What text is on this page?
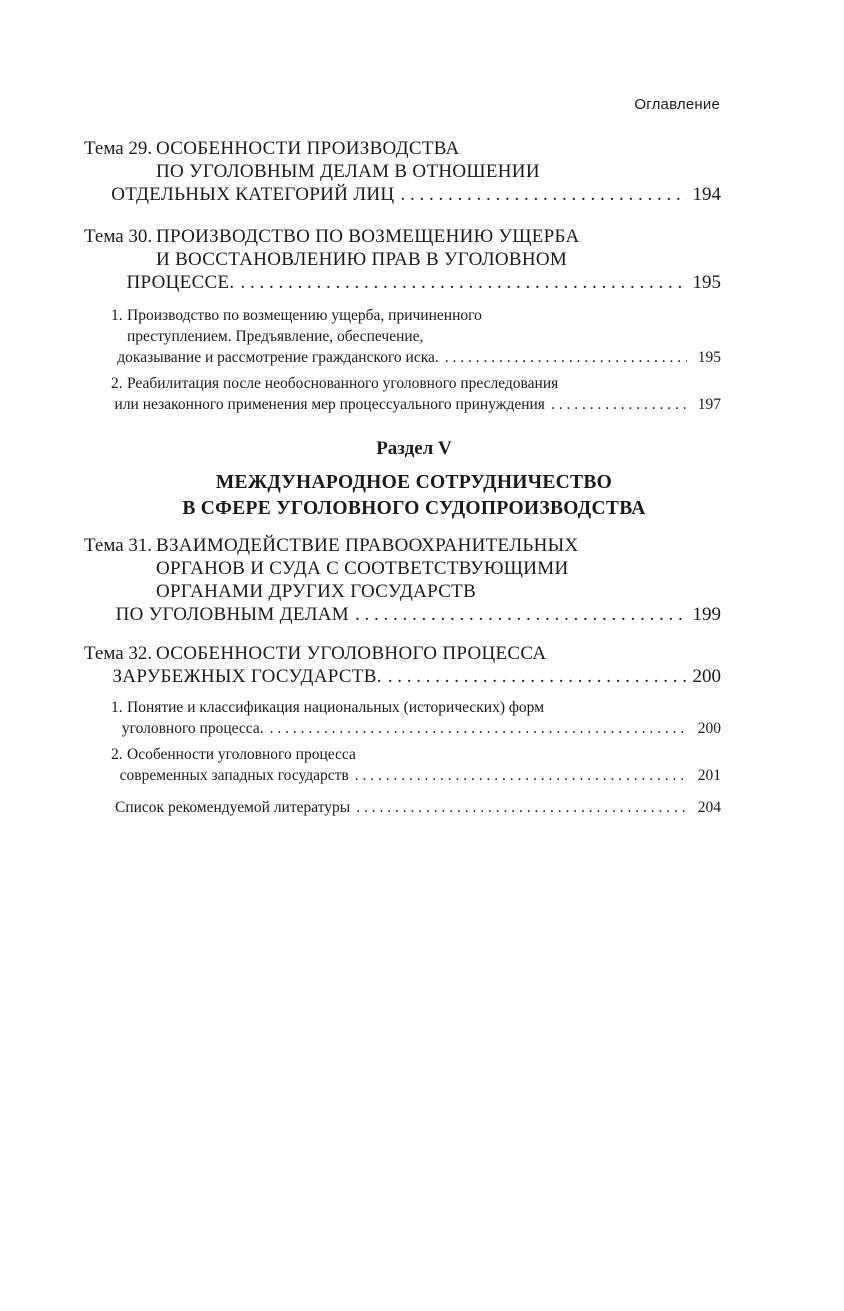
Оглавление
Тема 29. ОСОБЕННОСТИ ПРОИЗВОДСТВА
ПО УГОЛОВНЫМ ДЕЛАМ В ОТНОШЕНИИ
ОТДЕЛЬНЫХ КАТЕГОРИЙ ЛИЦ . . .	194
Тема 30. ПРОИЗВОДСТВО ПО ВОЗМЕЩЕНИЮ УЩЕРБА
И ВОССТАНОВЛЕНИЮ ПРАВ В УГОЛОВНОМ
ПРОЦЕССЕ. . . .	195
1. Производство по возмещению ущерба, причиненного
преступлением. Предъявление, обеспечение,
доказывание и рассмотрение гражданского иска. . . .	195
2. Реабилитация после необоснованного уголовного преследования
или незаконного применения мер процессуального принуждения . . .	197
Раздел V
МЕЖДУНАРОДНОЕ СОТРУДНИЧЕСТВО
В СФЕРЕ УГОЛОВНОГО СУДОПРОИЗВОДСТВА
Тема 31. ВЗАИМОДЕЙСТВИЕ ПРАВООХРАНИТЕЛЬНЫХ
ОРГАНОВ И СУДА С СООТВЕТСТВУЮЩИМИ
ОРГАНАМИ ДРУГИХ ГОСУДАРСТВ
ПО УГОЛОВНЫМ ДЕЛАМ . . .	199
Тема 32. ОСОБЕННОСТИ УГОЛОВНОГО ПРОЦЕССА
ЗАРУБЕЖНЫХ ГОСУДАРСТВ. . . .	200
1. Понятие и классификация национальных (исторических) форм
уголовного процесса. . . .	200
2. Особенности уголовного процесса
современных западных государств . . .	201
Список рекомендуемой литературы . . .	204
